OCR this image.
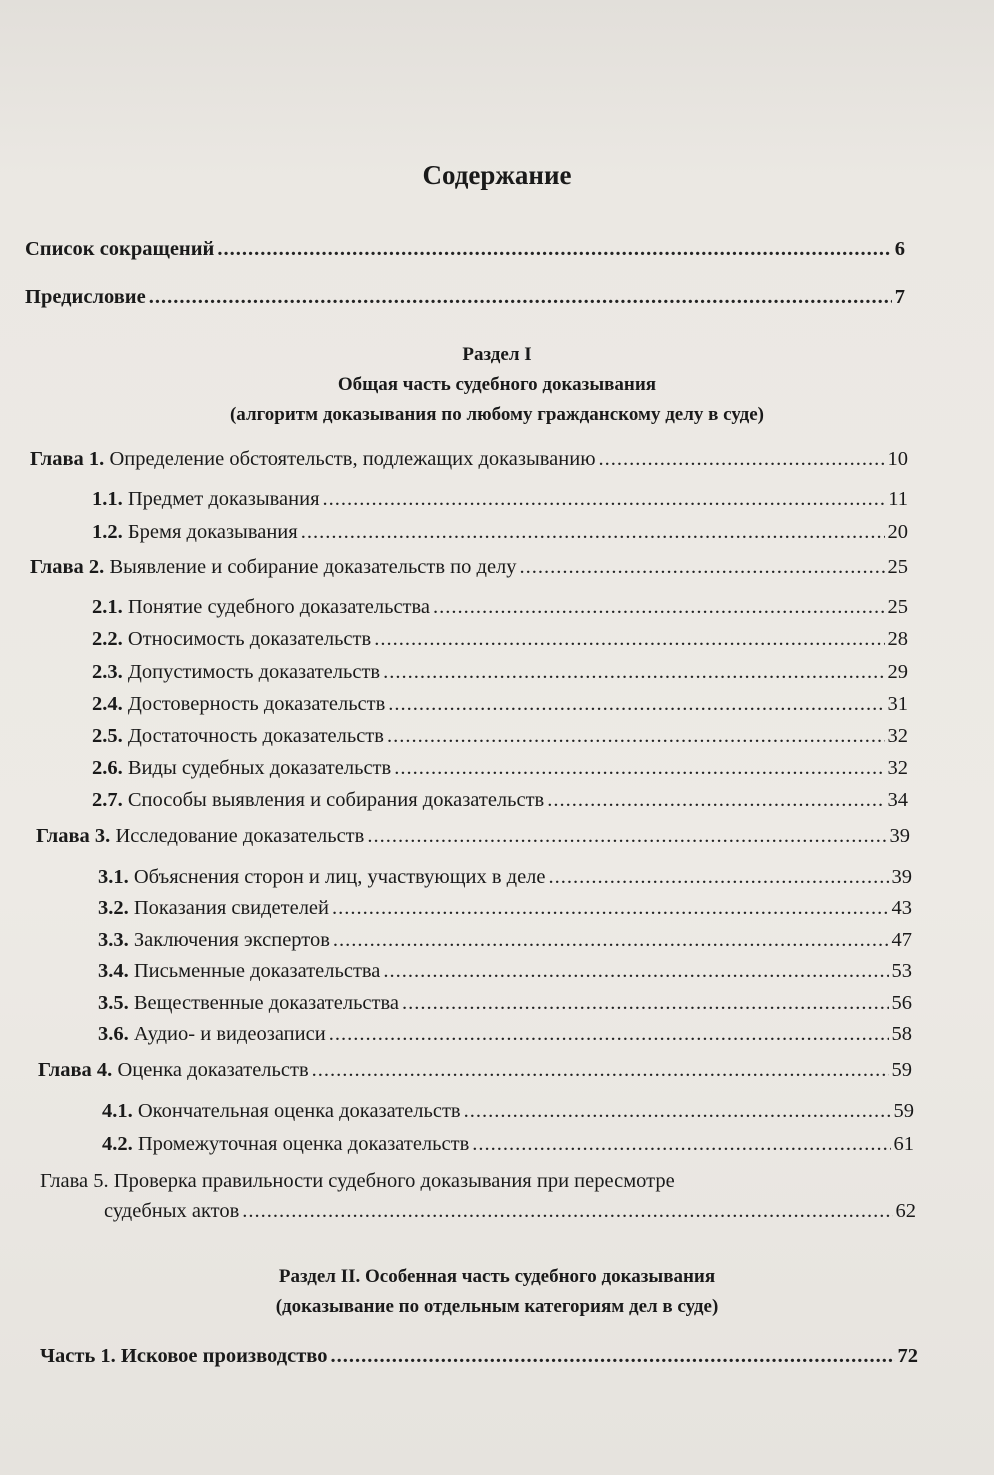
Содержание
Список сокращений .....	6
Предисловие .....	7
Раздел I
Общая часть судебного доказывания
(алгоритм доказывания по любому гражданскому делу в суде)
Глава 1. Определение обстоятельств, подлежащих доказыванию .....	10
1.1. Предмет доказывания .....	11
1.2. Бремя доказывания .....	20
Глава 2. Выявление и собирание доказательств по делу .....	25
2.1. Понятие судебного доказательства .....	25
2.2. Относимость доказательств .....	28
2.3. Допустимость доказательств .....	29
2.4. Достоверность доказательств .....	31
2.5. Достаточность доказательств .....	32
2.6. Виды судебных доказательств .....	32
2.7. Способы выявления и собирания доказательств .....	34
Глава 3. Исследование доказательств .....	39
3.1. Объяснения сторон и лиц, участвующих в деле .....	39
3.2. Показания свидетелей .....	43
3.3. Заключения экспертов .....	47
3.4. Письменные доказательства .....	53
3.5. Вещественные доказательства .....	56
3.6. Аудио- и видеозаписи .....	58
Глава 4. Оценка доказательств .....	59
4.1. Окончательная оценка доказательств .....	59
4.2. Промежуточная оценка доказательств .....	61
Глава 5. Проверка правильности судебного доказывания при пересмотре
судебных актов .....	62
Раздел II. Особенная часть судебного доказывания
(доказывание по отдельным категориям дел в суде)
Часть 1. Исковое производство .....	72
